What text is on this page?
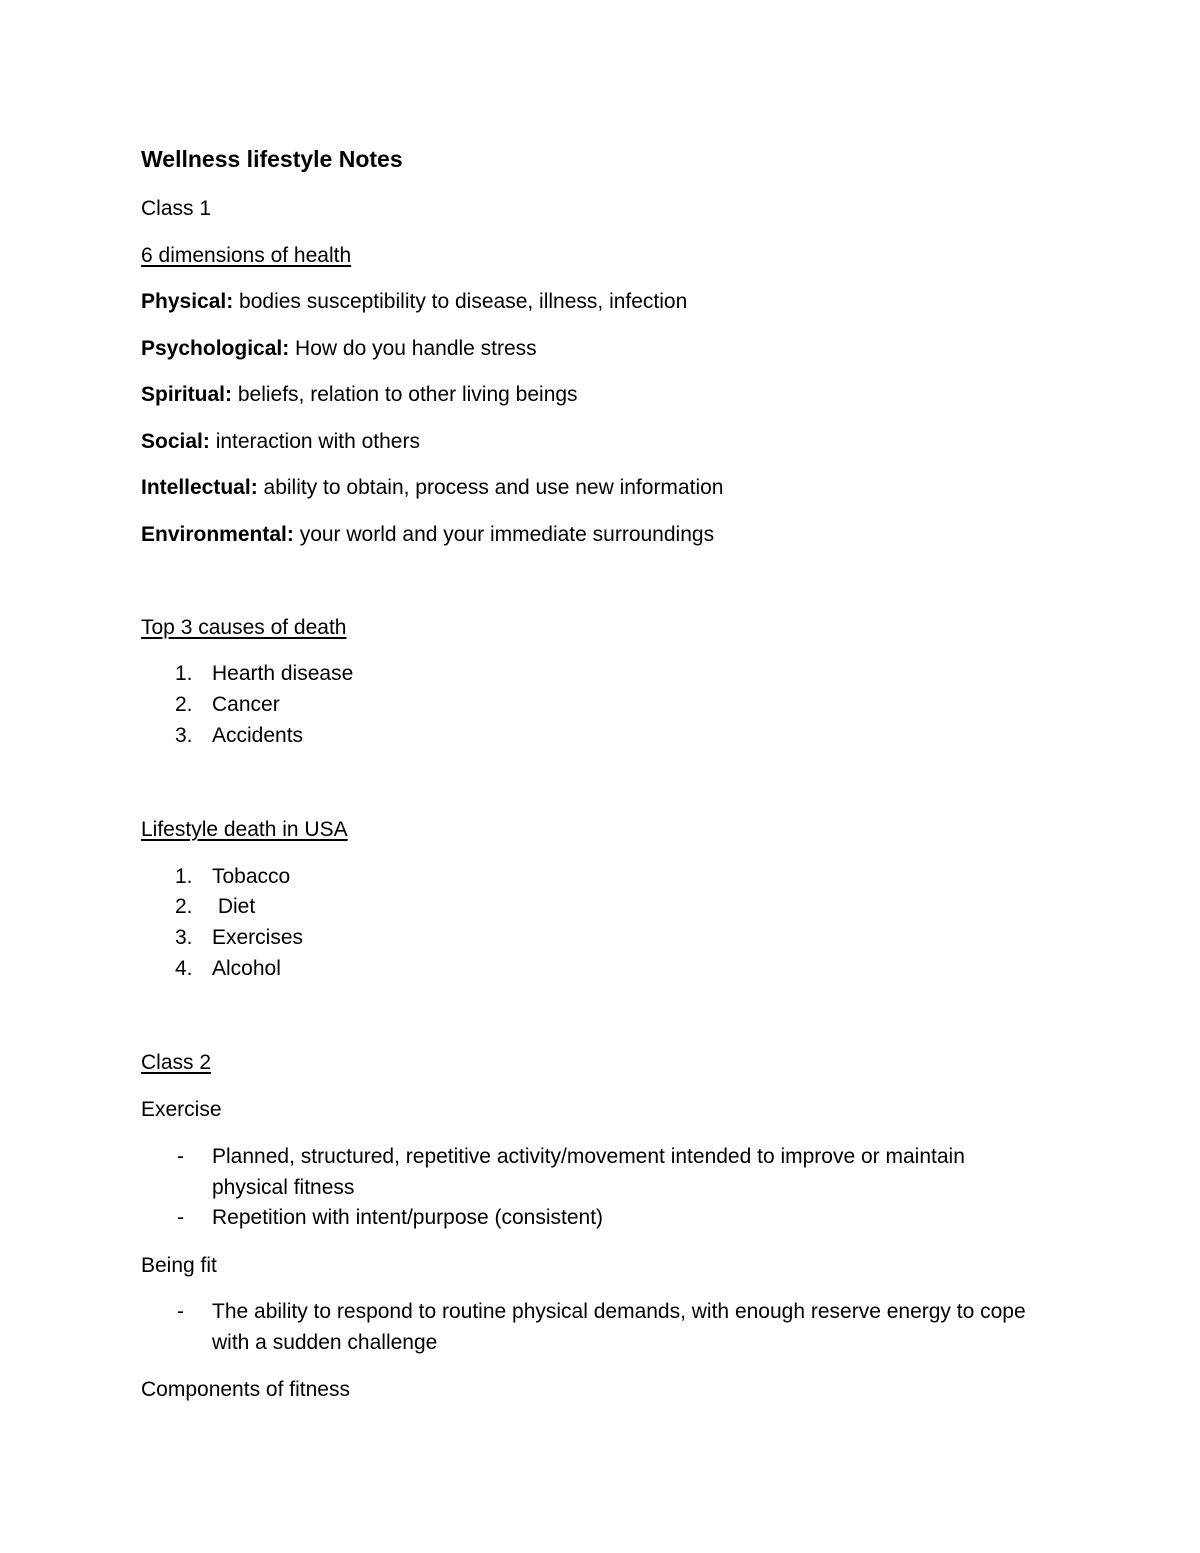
Wellness lifestyle Notes
Class 1
6 dimensions of health
Physical: bodies susceptibility to disease, illness, infection
Psychological: How do you handle stress
Spiritual: beliefs, relation to other living beings
Social: interaction with others
Intellectual: ability to obtain, process and use new information
Environmental: your world and your immediate surroundings
Top 3 causes of death
1. Hearth disease
2. Cancer
3. Accidents
Lifestyle death in USA
1. Tobacco
2. Diet
3. Exercises
4. Alcohol
Class 2
Exercise
- Planned, structured, repetitive activity/movement intended to improve or maintain
physical fitness
- Repetition with intent/purpose (consistent)
Being fit
- The ability to respond to routine physical demands, with enough reserve energy to cope
with a sudden challenge
Components of fitness
